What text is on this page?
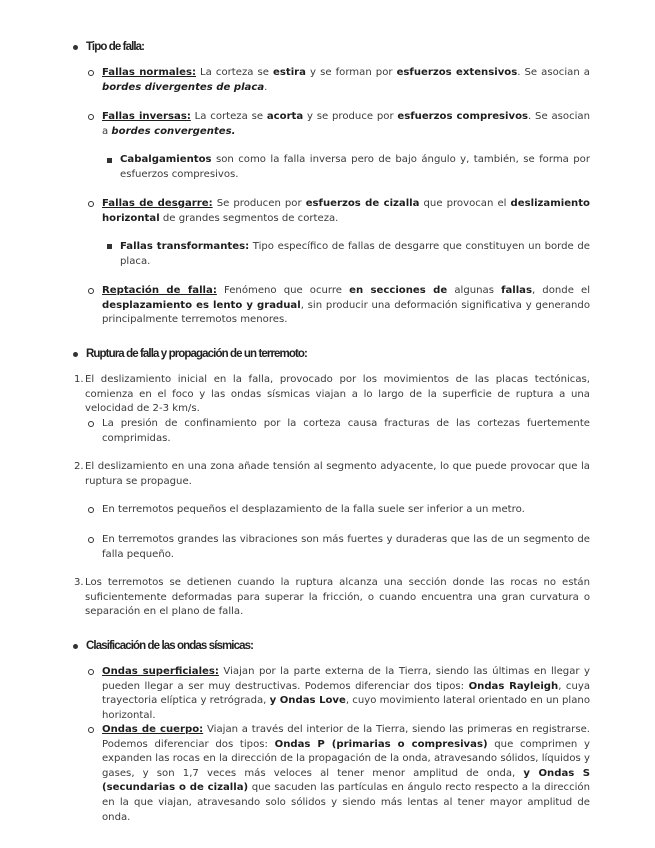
Tipo de falla:
Fallas normales: La corteza se estira y se forman por esfuerzos extensivos. Se asocian a bordes divergentes de placa.
Fallas inversas: La corteza se acorta y se produce por esfuerzos compresivos. Se asocian a bordes convergentes.
Cabalgamientos son como la falla inversa pero de bajo ángulo y, también, se forma por esfuerzos compresivos.
Fallas de desgarre: Se producen por esfuerzos de cizalla que provocan el deslizamiento horizontal de grandes segmentos de corteza.
Fallas transformantes: Tipo específico de fallas de desgarre que constituyen un borde de placa.
Reptación de falla: Fenómeno que ocurre en secciones de algunas fallas, donde el desplazamiento es lento y gradual, sin producir una deformación significativa y generando principalmente terremotos menores.
Ruptura de falla y propagación de un terremoto:
1. El deslizamiento inicial en la falla, provocado por los movimientos de las placas tectónicas, comienza en el foco y las ondas sísmicas viajan a lo largo de la superficie de ruptura a una velocidad de 2-3 km/s.
La presión de confinamiento por la corteza causa fracturas de las cortezas fuertemente comprimidas.
2. El deslizamiento en una zona añade tensión al segmento adyacente, lo que puede provocar que la ruptura se propague.
En terremotos pequeños el desplazamiento de la falla suele ser inferior a un metro.
En terremotos grandes las vibraciones son más fuertes y duraderas que las de un segmento de falla pequeño.
3. Los terremotos se detienen cuando la ruptura alcanza una sección donde las rocas no están suficientemente deformadas para superar la fricción, o cuando encuentra una gran curvatura o separación en el plano de falla.
Clasificación de las ondas sísmicas:
Ondas superficiales: Viajan por la parte externa de la Tierra, siendo las últimas en llegar y pueden llegar a ser muy destructivas. Podemos diferenciar dos tipos: Ondas Rayleigh, cuya trayectoria elíptica y retrógrada, y Ondas Love, cuyo movimiento lateral orientado en un plano horizontal.
Ondas de cuerpo: Viajan a través del interior de la Tierra, siendo las primeras en registrarse. Podemos diferenciar dos tipos: Ondas P (primarias o compresivas) que comprimen y expanden las rocas en la dirección de la propagación de la onda, atravesando sólidos, líquidos y gases, y son 1,7 veces más veloces al tener menor amplitud de onda, y Ondas S (secundarias o de cizalla) que sacuden las partículas en ángulo recto respecto a la dirección en la que viajan, atravesando solo sólidos y siendo más lentas al tener mayor amplitud de onda.
